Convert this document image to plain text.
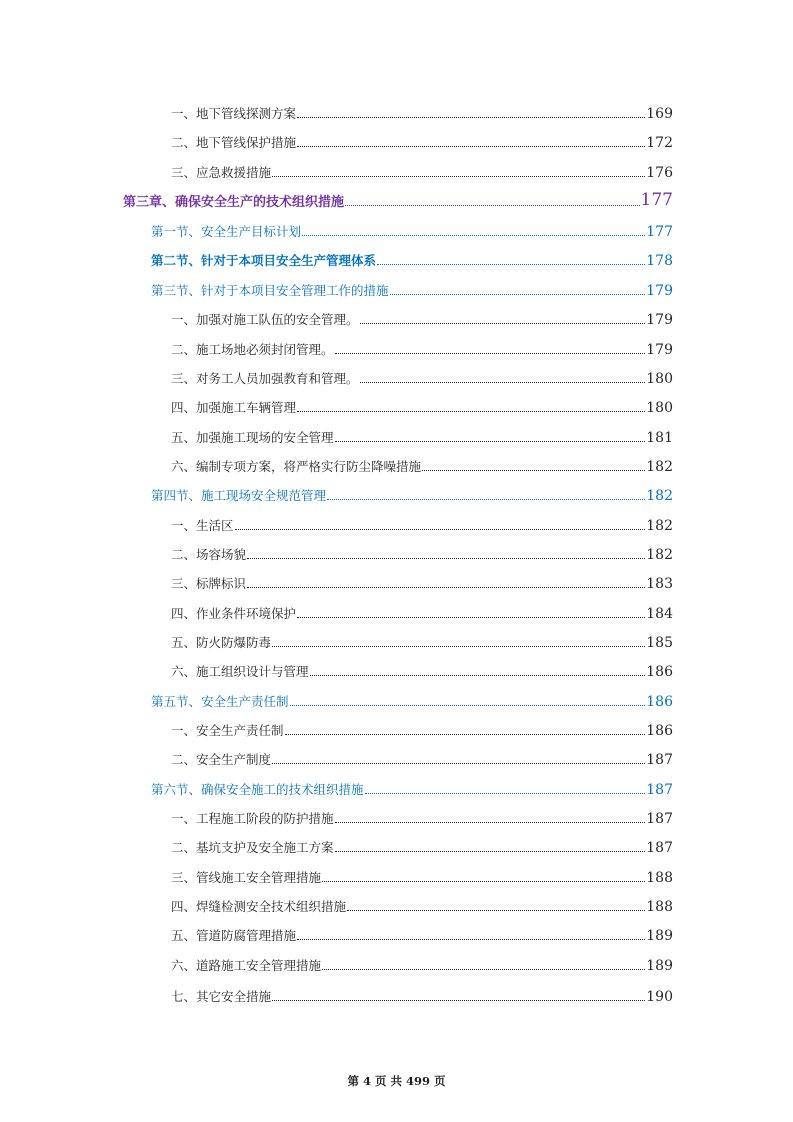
一、地下管线探测方案	169
二、地下管线保护措施	172
三、应急救援措施	176
第三章、确保安全生产的技术组织措施	177
第一节、安全生产目标计划	177
第二节、针对于本项目安全生产管理体系	178
第三节、针对于本项目安全管理工作的措施	179
一、加强对施工队伍的安全管理。	179
二、施工场地必须封闭管理。	179
三、对务工人员加强教育和管理。	180
四、加强施工车辆管理	180
五、加强施工现场的安全管理	181
六、编制专项方案，将严格实行防尘降噪措施	182
第四节、施工现场安全规范管理	182
一、生活区	182
二、场容场貌	182
三、标牌标识	183
四、作业条件环境保护	184
五、防火防爆防毒	185
六、施工组织设计与管理	186
第五节、安全生产责任制	186
一、安全生产责任制	186
二、安全生产制度	187
第六节、确保安全施工的技术组织措施	187
一、工程施工阶段的防护措施	187
二、基坑支护及安全施工方案	187
三、管线施工安全管理措施	188
四、焊缝检测安全技术组织措施	188
五、管道防腐管理措施	189
六、道路施工安全管理措施	189
七、其它安全措施	190
第 4 页 共 499 页
